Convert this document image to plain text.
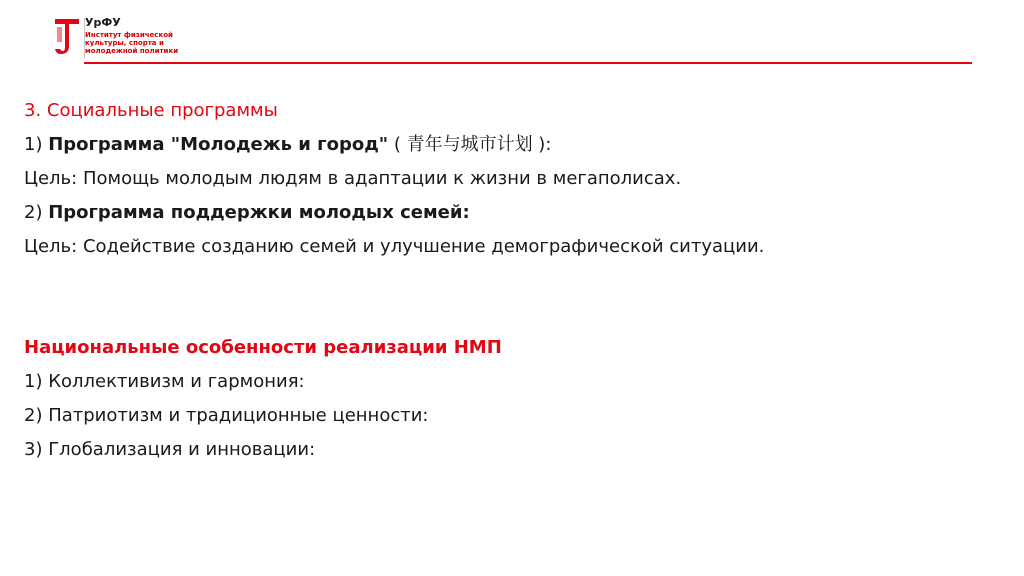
УрФУ
Институт физической культуры, спорта и молодежной политики
3. Социальные программы
1) Программа "Молодежь и город" ( 青年与城市计划 ):
Цель: Помощь молодым людям в адаптации к жизни в мегаполисах.
2) Программа поддержки молодых семей:
Цель: Содействие созданию семей и улучшение демографической ситуации.
Национальные особенности реализации НМП
1) Коллективизм и гармония:
2) Патриотизм и традиционные ценности:
3) Глобализация и инновации:
